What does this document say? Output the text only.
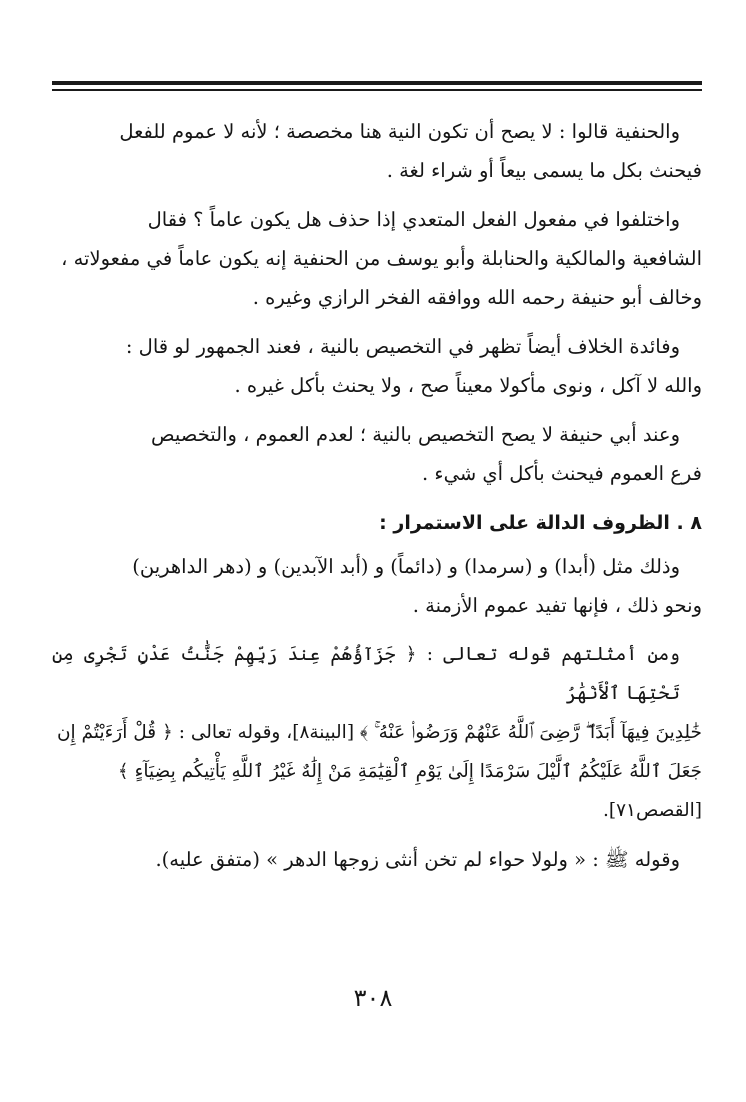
والحنفية قالوا : لا يصح أن تكون النية هنا مخصصة ؛ لأنه لا عموم للفعل

فيحنث بكل ما يسمى بيعاً أو شراء لغة .

واختلفوا في مفعول الفعل المتعدي إذا حذف هل يكون عاماً ؟ فقال

الشافعية والمالكية والحنابلة وأبو يوسف من الحنفية إنه يكون عاماً في مفعولاته ،

وخالف أبو حنيفة رحمه الله ووافقه الفخر الرازي وغيره .

وفائدة الخلاف أيضاً تظهر في التخصيص بالنية ، فعند الجمهور لو قال :

والله لا آكل ، ونوى مأكولا معيناً صح ، ولا يحنث بأكل غيره .

وعند أبي حنيفة لا يصح التخصيص بالنية ؛ لعدم العموم ، والتخصيص

فرع العموم فيحنث بأكل أي شيء .

٨ . الظروف الدالة على الاستمرار :

وذلك مثل (أبدا) و (سرمدا) و (دائماً) و (أبد الآبدين) و (دهر الداهرين)

ونحو ذلك ، فإنها تفيد عموم الأزمنة .

ومن أمثلتهم قوله تعالى : ﴿ جَزَآؤُهُمْ عِندَ رَبِّهِمْ جَنَّٰتُ عَدْنٍ تَجْرِى مِن تَحْتِهَا ٱلْأَنْهَٰرُ

خَٰلِدِينَ فِيهَآ أَبَدًا ۖ رَّضِىَ ٱللَّهُ عَنْهُمْ وَرَضُوا۟ عَنْهُ ۚ ﴾ [البينة٨]، وقوله تعالى : ﴿ قُلْ أَرَءَيْتُمْ إِن

جَعَلَ ٱللَّهُ عَلَيْكُمُ ٱلَّيْلَ سَرْمَدًا إِلَىٰ يَوْمِ ٱلْقِيَٰمَةِ مَنْ إِلَٰهٌ غَيْرُ ٱللَّهِ يَأْتِيكُم بِضِيَآءٍ ﴾

[القصص٧١].

وقوله ﷺ : « ولولا حواء لم تخن أنثى زوجها الدهر » (متفق عليه).

٣٠٨
